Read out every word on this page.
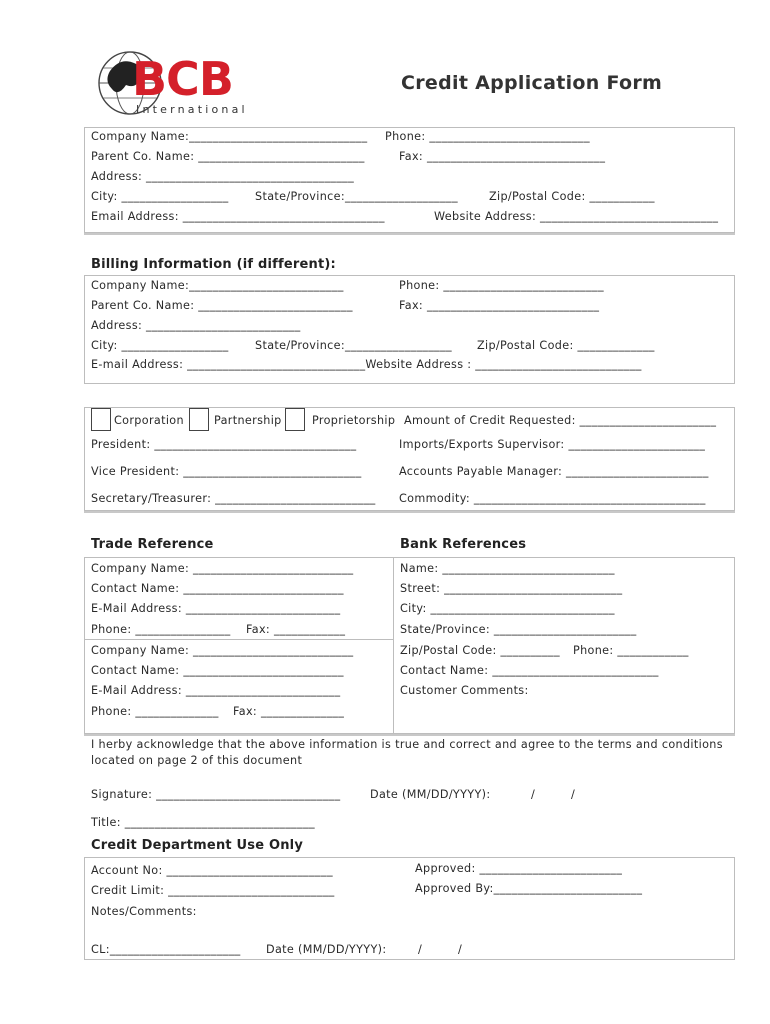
BCB
International
Credit Application Form
Company Name:______________________________ Phone: ___________________________
Parent Co. Name: ____________________________	Fax: ______________________________
Address: ___________________________________
City: __________________ State/Province:___________________	Zip/Postal Code: ___________
Email Address: __________________________________	Website Address: ______________________________
Billing Information (if different):
Company Name:__________________________	Phone: ___________________________
Parent Co. Name: __________________________	Fax: _____________________________
Address: __________________________
City: __________________ State/Province:__________________ Zip/Postal Code: _____________
E-mail Address: ______________________________Website Address : ____________________________
Corporation	Partnership	Proprietorship Amount of Credit Requested: _______________________
President: __________________________________	Imports/Exports Supervisor: _______________________
Vice President: ______________________________	Accounts Payable Manager: ________________________
Secretary/Treasurer: ___________________________ Commodity: _______________________________________
Trade Reference	Bank References
Company Name: ___________________________
Contact Name: ___________________________
E-Mail Address: __________________________
Phone: ________________ Fax: ____________
Company Name: ___________________________
Contact Name: ___________________________
E-Mail Address: __________________________
Phone: ______________ Fax: ______________
Name: _____________________________
Street: ______________________________
City: _______________________________
State/Province: ________________________
Zip/Postal Code: __________ Phone: ____________
Contact Name: ____________________________
Customer Comments:
I herby acknowledge that the above information is true and correct and agree to the terms and conditions
located on page 2 of this document
Signature: _______________________________	Date (MM/DD/YYYY):	/	/
Title: ________________________________
Credit Department Use Only
Account No: ____________________________	Approved: ________________________
Credit Limit: ____________________________	Approved By:_________________________
Notes/Comments:
CL:______________________ Date (MM/DD/YYYY):	/	/
